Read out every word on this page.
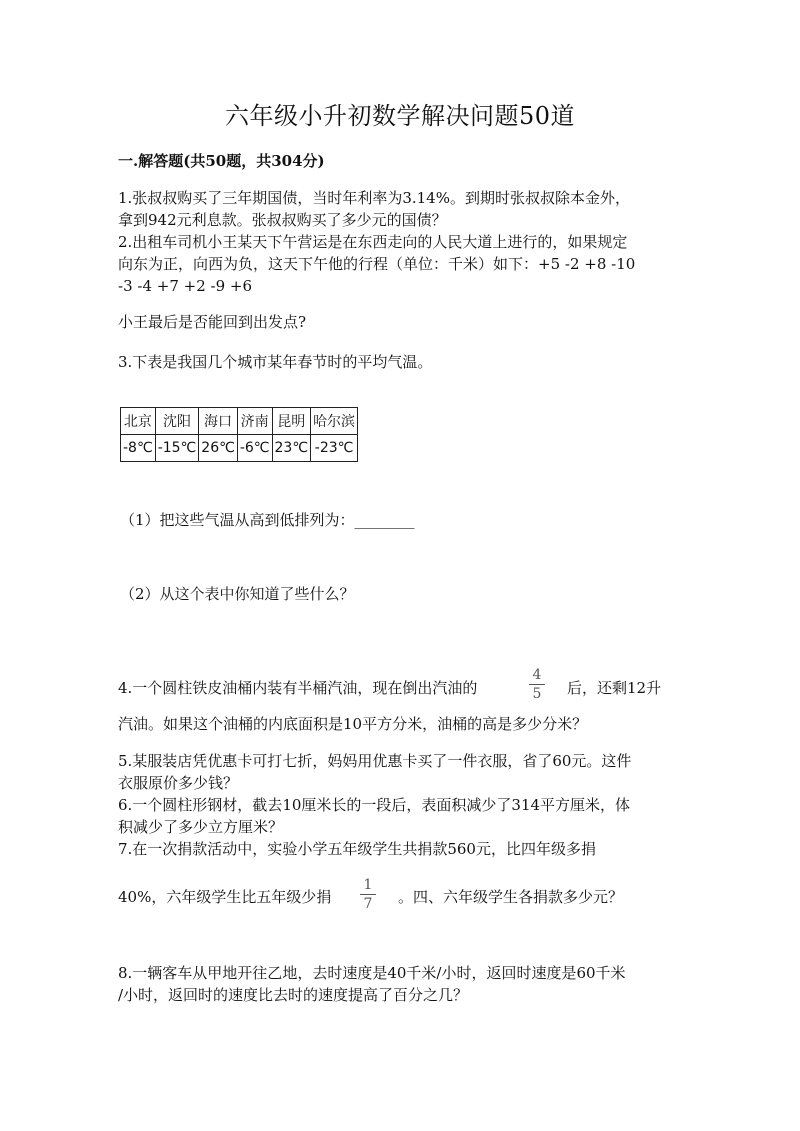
六年级小升初数学解决问题50道
一.解答题(共50题，共304分)
1.张叔叔购买了三年期国债，当时年利率为3.14%。到期时张叔叔除本金外，
拿到942元利息款。张叔叔购买了多少元的国债？
2.出租车司机小王某天下午营运是在东西走向的人民大道上进行的，如果规定
向东为正，向西为负，这天下午他的行程（单位：千米）如下：+5 -2 +8 -10
-3 -4 +7 +2 -9 +6
小王最后是否能回到出发点?
3.下表是我国几个城市某年春节时的平均气温。
北京	沈阳	海口	济南	昆明	哈尔滨
-8℃	-15℃	26℃	-6℃	23℃	-23℃
（1）把这些气温从高到低排列为：________
（2）从这个表中你知道了些什么？
4.一个圆柱铁皮油桶内装有半桶汽油，现在倒出汽油的
4
5	后，还剩12升
汽油。如果这个油桶的内底面积是10平方分米，油桶的高是多少分米？
5.某服装店凭优惠卡可打七折，妈妈用优惠卡买了一件衣服，省了60元。这件
衣服原价多少钱？
6.一个圆柱形钢材，截去10厘米长的一段后，表面积减少了314平方厘米，体
积减少了多少立方厘米？
7.在一次捐款活动中，实验小学五年级学生共捐款560元，比四年级多捐
40%，六年级学生比五年级少捐
1
7	。四、六年级学生各捐款多少元？
8.一辆客车从甲地开往乙地，去时速度是40千米/小时，返回时速度是60千米
/小时，返回时的速度比去时的速度提高了百分之几？
